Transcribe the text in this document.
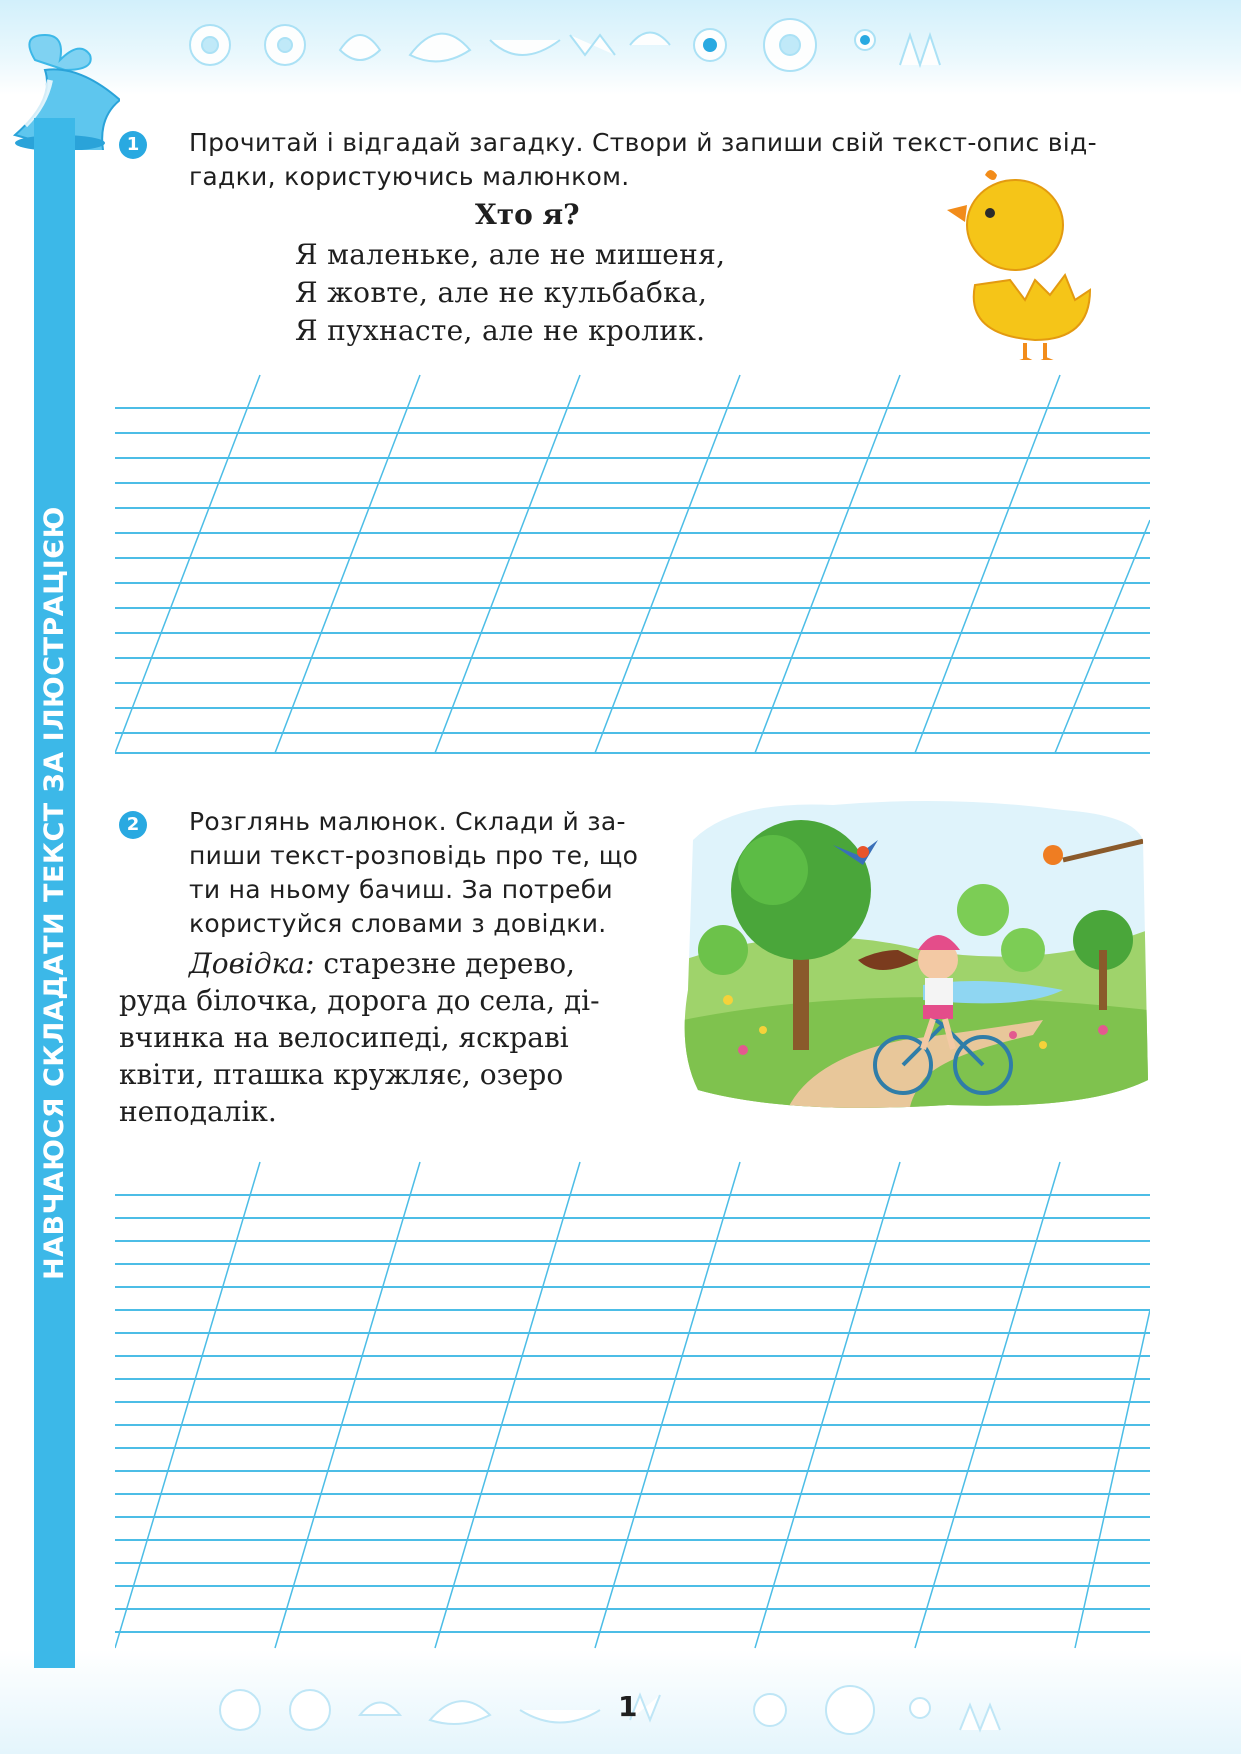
НАВЧАЮСЯ СКЛАДАТИ ТЕКСТ ЗА ІЛЮСТРАЦІЄЮ
1	Прочитай і відгадай загадку. Створи й запиши свій текст-опис від-
гадки, користуючись малюнком.
Хто я?
Я маленьке, але не мишеня,
Я жовте, але не кульбабка,
Я пухнасте, але не кролик.
2	Розглянь малюнок. Склади й за-
пиши текст-розповідь про те, що
ти на ньому бачиш. За потреби
користуйся словами з довідки.
Довідка: старезне дерево,
руда білочка, дорога до села, ді-
вчинка на велосипеді, яскраві
квіти, пташка кружляє, озеро
неподалік.
1
